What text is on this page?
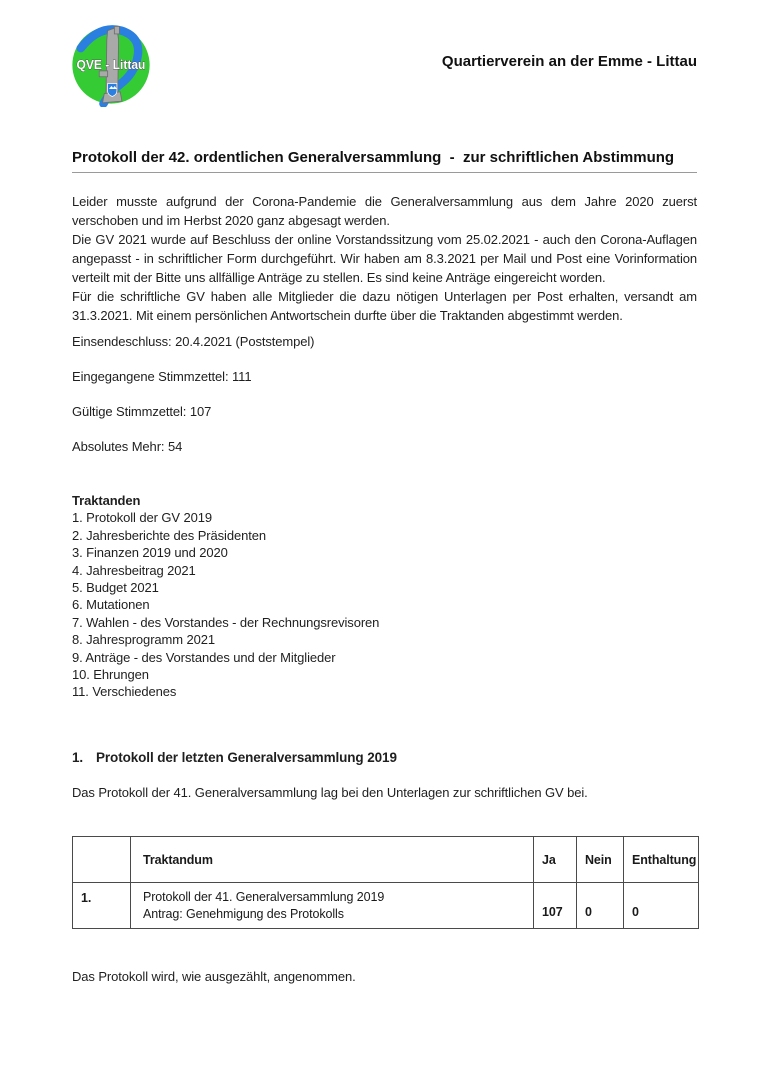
QVE - Littau	Quartierverein an der Emme - Littau
Protokoll der 42. ordentlichen Generalversammlung  -  zur schriftlichen Abstimmung

Leider musste aufgrund der Corona-Pandemie die Generalversammlung aus dem Jahre 2020 zuerst verschoben und im Herbst 2020 ganz abgesagt werden.

Die GV 2021 wurde auf Beschluss der online Vorstandssitzung vom 25.02.2021 - auch den Corona-Auflagen angepasst - in schriftlicher Form durchgeführt. Wir haben am 8.3.2021 per Mail und Post eine Vorinformation verteilt mit der Bitte uns allfällige Anträge zu stellen. Es sind keine Anträge eingereicht worden.

Für die schriftliche GV haben alle Mitglieder die dazu nötigen Unterlagen per Post erhalten, versandt am 31.3.2021. Mit einem persönlichen Antwortschein durfte über die Traktanden abgestimmt werden.

Einsendeschluss: 20.4.2021 (Poststempel)
Eingegangene Stimmzettel: 111
Gültige Stimmzettel: 107
Absolutes Mehr: 54
Traktanden
1. Protokoll der GV 2019
2. Jahresberichte des Präsidenten
3. Finanzen 2019 und 2020
4. Jahresbeitrag 2021
5. Budget 2021
6. Mutationen
7. Wahlen - des Vorstandes - der Rechnungsrevisoren
8. Jahresprogramm 2021
9. Anträge - des Vorstandes und der Mitglieder
10. Ehrungen
11. Verschiedenes
1. Protokoll der letzten Generalversammlung 2019
Das Protokoll der 41. Generalversammlung lag bei den Unterlagen zur schriftlichen GV bei.
	Traktandum	Ja	Nein	Enthaltung
1.	Protokoll der 41. Generalversammlung 2019
Antrag: Genehmigung des Protokolls	107	0	0
Das Protokoll wird, wie ausgezählt, angenommen.
